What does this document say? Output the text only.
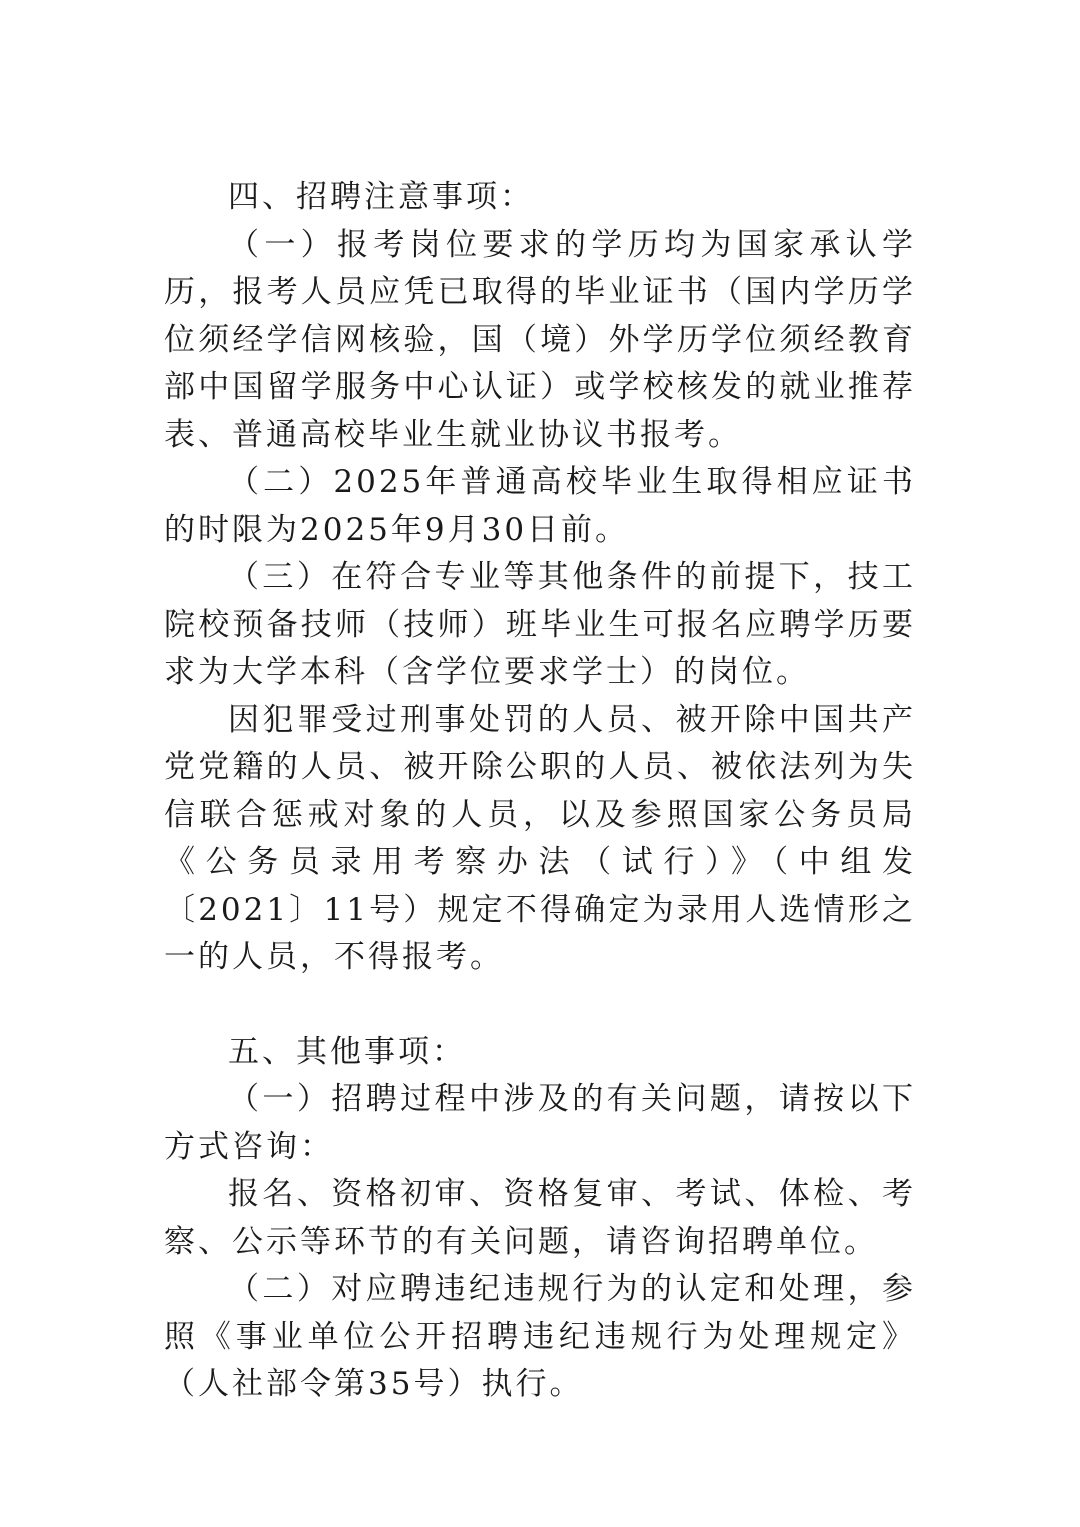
四、招聘注意事项：

（一）报考岗位要求的学历均为国家承认学历，报考人员应凭已取得的毕业证书（国内学历学位须经学信网核验，国（境）外学历学位须经教育部中国留学服务中心认证）或学校核发的就业推荐表、普通高校毕业生就业协议书报考。

（二）2025年普通高校毕业生取得相应证书的时限为2025年9月30日前。

（三）在符合专业等其他条件的前提下，技工院校预备技师（技师）班毕业生可报名应聘学历要求为大学本科（含学位要求学士）的岗位。

因犯罪受过刑事处罚的人员、被开除中国共产党党籍的人员、被开除公职的人员、被依法列为失信联合惩戒对象的人员，以及参照国家公务员局《公务员录用考察办法（试行）》（中组发〔2021〕11号）规定不得确定为录用人选情形之一的人员，不得报考。

五、其他事项：

（一）招聘过程中涉及的有关问题，请按以下方式咨询：

报名、资格初审、资格复审、考试、体检、考察、公示等环节的有关问题，请咨询招聘单位。

（二）对应聘违纪违规行为的认定和处理，参照《事业单位公开招聘违纪违规行为处理规定》（人社部令第35号）执行。
